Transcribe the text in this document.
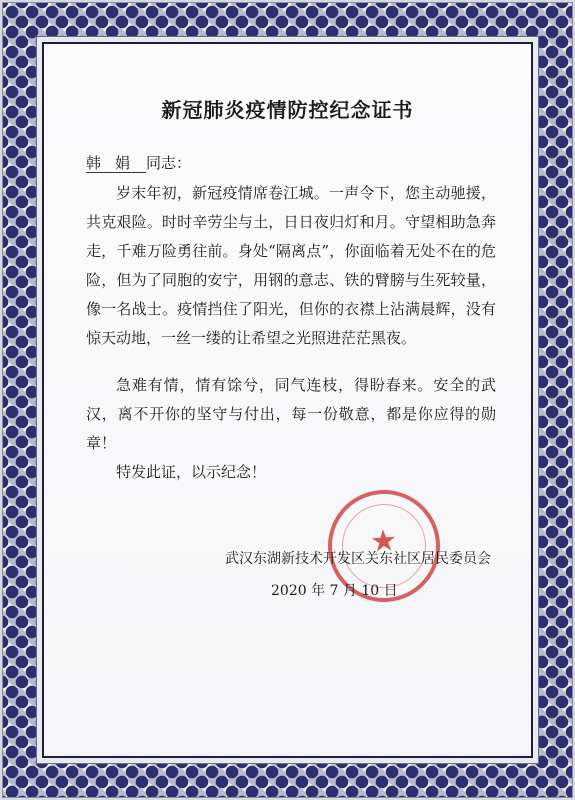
新冠肺炎疫情防控纪念证书
韩娟 同志：

岁末年初，新冠疫情席卷江城。一声令下，您主动驰援，共克艰险。时时辛劳尘与土，日日夜归灯和月。守望相助急奔走，千难万险勇往前。身处“隔离点”，你面临着无处不在的危险，但为了同胞的安宁，用钢的意志、铁的臂膀与生死较量，像一名战士。疫情挡住了阳光，但你的衣襟上沾满晨辉，没有惊天动地，一丝一缕的让希望之光照进茫茫黑夜。

急难有情，情有馀兮，同气连枝，得盼春来。安全的武汉，离不开你的坚守与付出，每一份敬意，都是你应得的勋章！

特发此证，以示纪念！

★
武汉东湖新技术开发区关东社区居民委员会
2020 年 7 月 10 日
